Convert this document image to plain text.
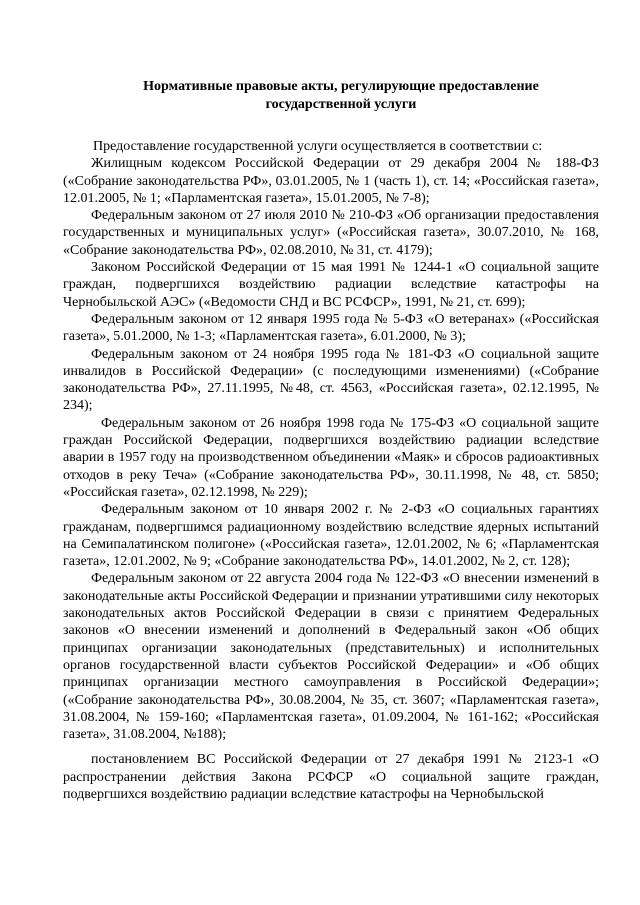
Нормативные правовые акты, регулирующие предоставление
государственной услуги

Предоставление государственной услуги осуществляется в соответствии с:

Жилищным кодексом Российской Федерации от 29 декабря 2004 № 188-ФЗ («Собрание законодательства РФ», 03.01.2005, № 1 (часть 1), ст. 14; «Российская газета», 12.01.2005, № 1; «Парламентская газета», 15.01.2005, № 7-8);

Федеральным законом от 27 июля 2010 № 210-ФЗ «Об организации предоставления государственных и муниципальных услуг» («Российская газета», 30.07.2010, № 168, «Собрание законодательства РФ», 02.08.2010, № 31, ст. 4179);

Законом Российской Федерации от 15 мая 1991 № 1244-1 «О социальной защите граждан, подвергшихся воздействию радиации вследствие катастрофы на Чернобыльской АЭС» («Ведомости СНД и ВС РСФСР», 1991, № 21, ст. 699);

Федеральным законом от 12 января 1995 года № 5-ФЗ «О ветеранах» («Российская газета», 5.01.2000, № 1-3; «Парламентская газета», 6.01.2000, № 3);

Федеральным законом от 24 ноября 1995 года № 181-ФЗ «О социальной защите инвалидов в Российской Федерации» (с последующими изменениями) («Собрание законодательства РФ», 27.11.1995, №48, ст. 4563, «Российская газета», 02.12.1995, № 234);

Федеральным законом от 26 ноября 1998 года № 175-ФЗ «О социальной защите граждан Российской Федерации, подвергшихся воздействию радиации вследствие аварии в 1957 году на производственном объединении «Маяк» и сбросов радиоактивных отходов в реку Теча» («Собрание законодательства РФ», 30.11.1998, № 48, ст. 5850; «Российская газета», 02.12.1998, № 229);

Федеральным законом от 10 января 2002 г. № 2-ФЗ «О социальных гарантиях гражданам, подвергшимся радиационному воздействию вследствие ядерных испытаний на Семипалатинском полигоне» («Российская газета», 12.01.2002, № 6; «Парламентская газета», 12.01.2002, № 9; «Собрание законодательства РФ», 14.01.2002, № 2, ст. 128);

Федеральным законом от 22 августа 2004 года № 122-ФЗ «О внесении изменений в законодательные акты Российской Федерации и признании утратившими силу некоторых законодательных актов Российской Федерации в связи с принятием Федеральных законов «О внесении изменений и дополнений в Федеральный закон «Об общих принципах организации законодательных (представительных) и исполнительных органов государственной власти субъектов Российской Федерации» и «Об общих принципах организации местного самоуправления в Российской Федерации»; («Собрание законодательства РФ», 30.08.2004, № 35, ст. 3607; «Парламентская газета», 31.08.2004, № 159-160; «Парламентская газета», 01.09.2004, № 161-162; «Российская газета», 31.08.2004, №188);

постановлением ВС Российской Федерации от 27 декабря 1991 № 2123-1 «О распространении действия Закона РСФСР «О социальной защите граждан, подвергшихся воздействию радиации вследствие катастрофы на Чернобыльской
